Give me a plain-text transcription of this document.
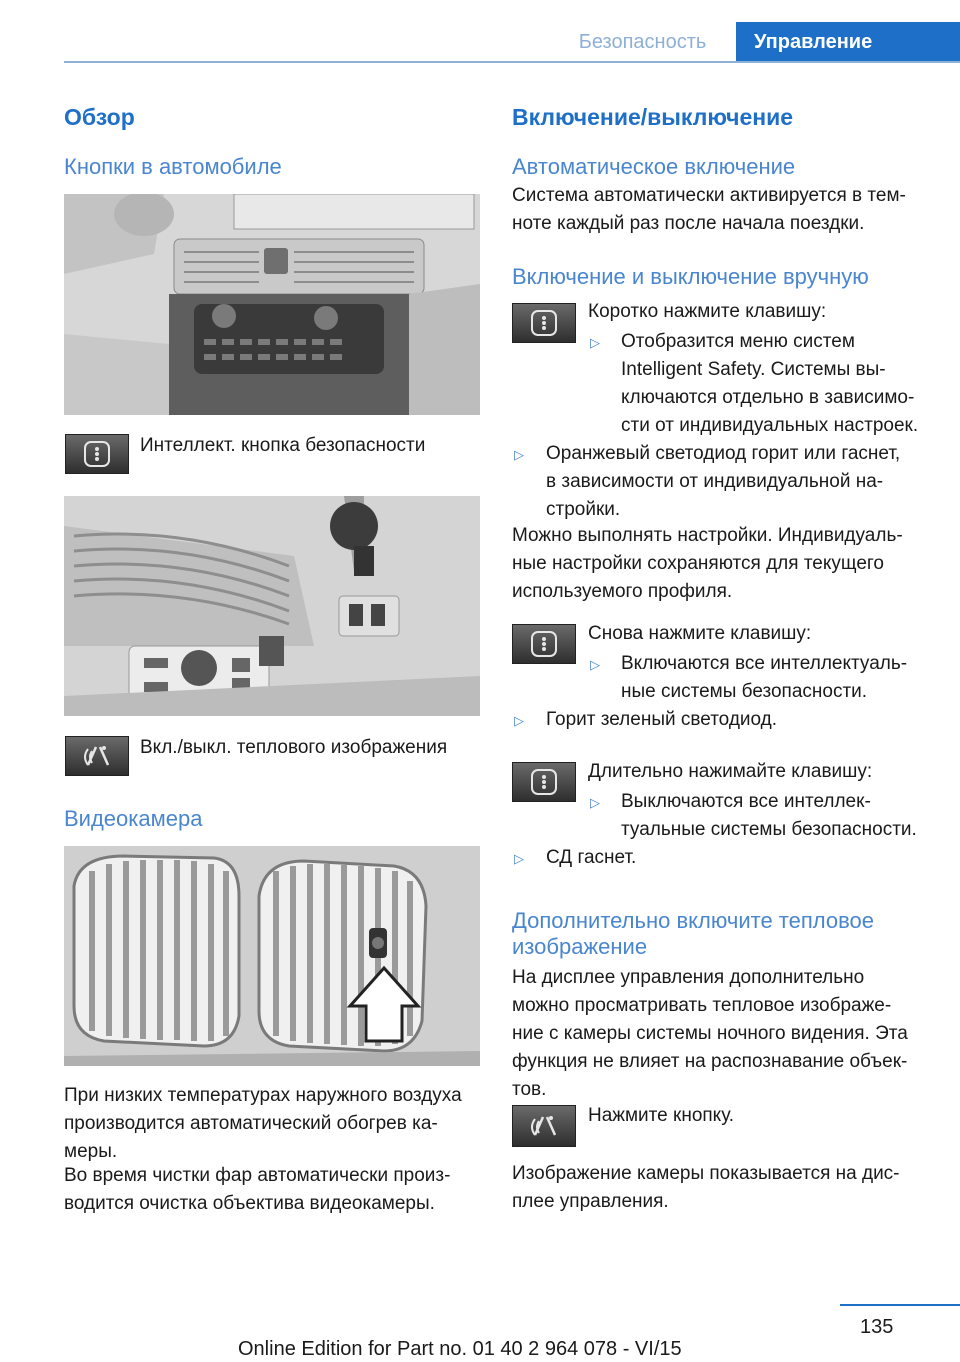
Безопасность	Управление
Обзор
Кнопки в автомобиле
Интеллект. кнопка безопасности
Вкл./выкл. теплового изображения
Видеокамера
При низких температурах наружного воздуха
производится автоматический обогрев ка-
меры.
Во время чистки фар автоматически произ-
водится очистка объектива видеокамеры.
Включение/выключение
Автоматическое включение
Система автоматически активируется в тем-
ноте каждый раз после начала поездки.
Включение и выключение вручную
Коротко нажмите клавишу:
▷ Отобразится меню систем
Intelligent Safety. Системы вы-
ключаются отдельно в зависимо-
сти от индивидуальных настроек.
▷ Оранжевый светодиод горит или гаснет,
в зависимости от индивидуальной на-
стройки.
Можно выполнять настройки. Индивидуаль-
ные настройки сохраняются для текущего
используемого профиля.
Снова нажмите клавишу:
▷ Включаются все интеллектуаль-
ные системы безопасности.
▷ Горит зеленый светодиод.
Длительно нажимайте клавишу:
▷ Выключаются все интеллек-
туальные системы безопасности.
▷ СД гаснет.
Дополнительно включите тепловое
изображение
На дисплее управления дополнительно
можно просматривать тепловое изображе-
ние с камеры системы ночного видения. Эта
функция не влияет на распознавание объек-
тов.
Нажмите кнопку.
Изображение камеры показывается на дис-
плее управления.
135
Online Edition for Part no. 01 40 2 964 078 - VI/15
